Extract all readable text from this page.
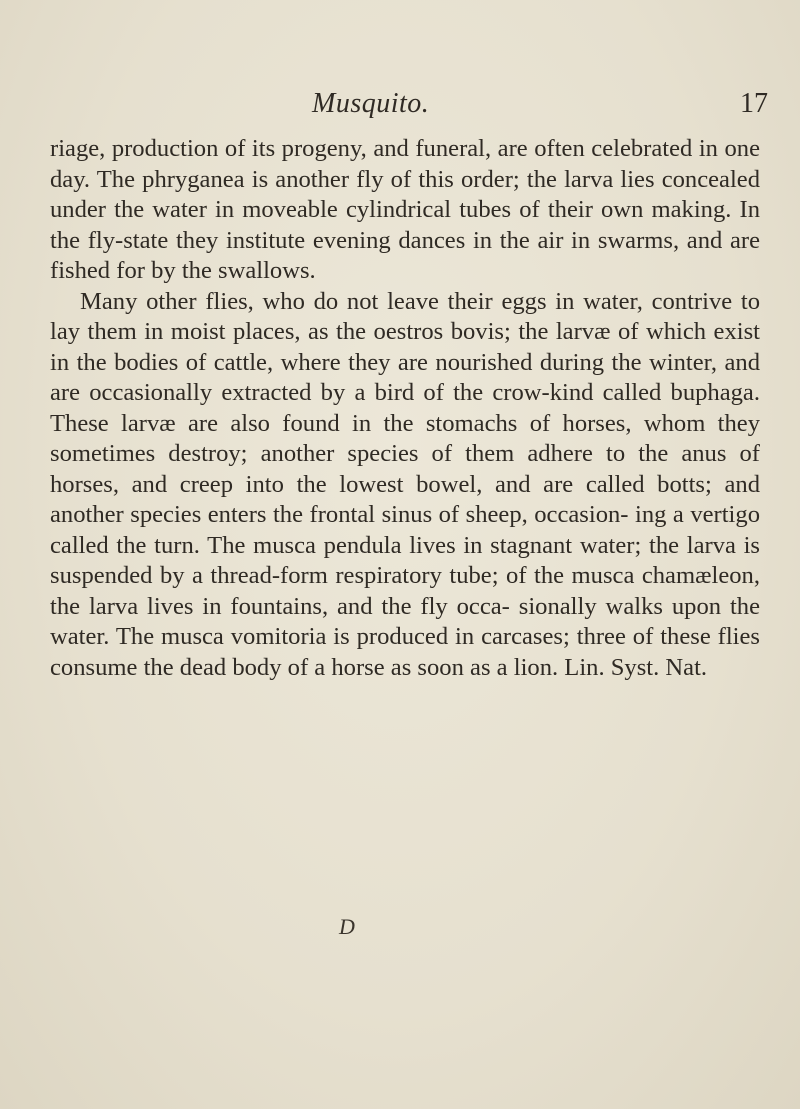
Musquito.	17

riage, production of its progeny, and funeral, are often celebrated in one day. The phryganea is another fly of this order; the larva lies concealed under the water in moveable cylindrical tubes of their own making. In the fly-state they institute evening dances in the air in swarms, and are fished for by the swallows.

Many other flies, who do not leave their eggs in water, contrive to lay them in moist places, as the oestros bovis; the larvæ of which exist in the bodies of cattle, where they are nourished during the winter, and are occasionally extracted by a bird of the crow-kind called buphaga. These larvæ are also found in the stomachs of horses, whom they sometimes destroy; another species of them adhere to the anus of horses, and creep into the lowest bowel, and are called botts; and another species enters the frontal sinus of sheep, occasion- ing a vertigo called the turn. The musca pendula lives in stagnant water; the larva is suspended by a thread-form respiratory tube; of the musca chamæleon, the larva lives in fountains, and the fly occa- sionally walks upon the water. The musca vomitoria is produced in carcases; three of these flies consume the dead body of a horse as soon as a lion. Lin. Syst. Nat.

D
